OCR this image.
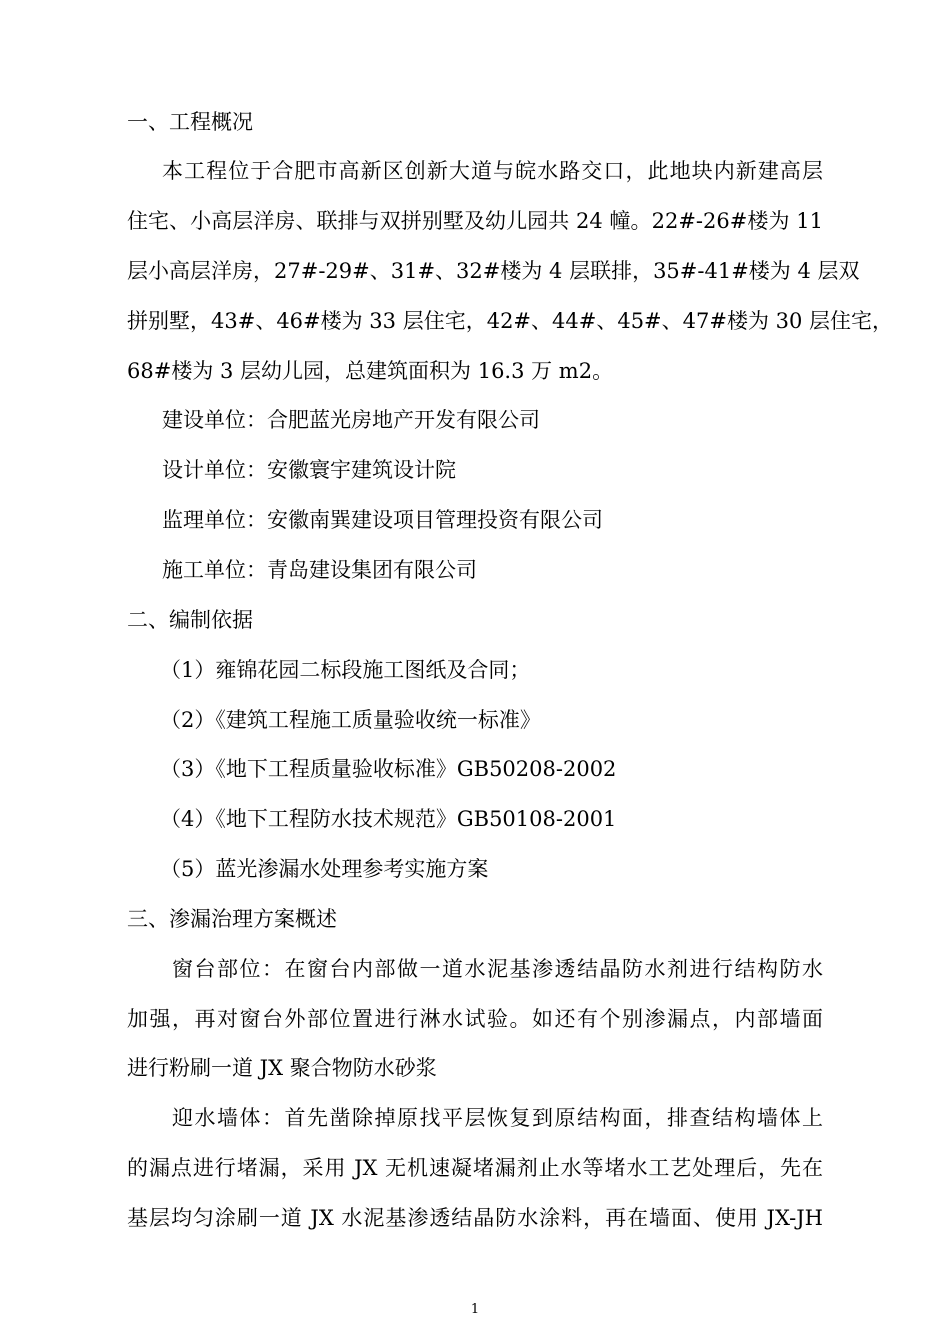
一、工程概况

本工程位于合肥市高新区创新大道与皖水路交口，此地块内新建高层

住宅、小高层洋房、联排与双拼别墅及幼儿园共 24 幢。22#-26#楼为 11

层小高层洋房，27#-29#、31#、32#楼为 4 层联排，35#-41#楼为 4 层双

拼别墅，43#、46#楼为 33 层住宅，42#、44#、45#、47#楼为 30 层住宅，

68#楼为 3 层幼儿园，总建筑面积为 16.3 万 m2。

建设单位：合肥蓝光房地产开发有限公司

设计单位：安徽寰宇建筑设计院

监理单位：安徽南巽建设项目管理投资有限公司

施工单位：青岛建设集团有限公司

二、编制依据

（1）雍锦花园二标段施工图纸及合同；

（2）《建筑工程施工质量验收统一标准》

（3）《地下工程质量验收标准》GB50208-2002

（4）《地下工程防水技术规范》GB50108-2001

（5）蓝光渗漏水处理参考实施方案

三、渗漏治理方案概述

窗台部位：在窗台内部做一道水泥基渗透结晶防水剂进行结构防水

加强，再对窗台外部位置进行淋水试验。如还有个别渗漏点，内部墙面

进行粉刷一道 JX 聚合物防水砂浆

迎水墙体：首先凿除掉原找平层恢复到原结构面，排查结构墙体上

的漏点进行堵漏，采用 JX 无机速凝堵漏剂止水等堵水工艺处理后，先在

基层均匀涂刷一道 JX 水泥基渗透结晶防水涂料，再在墙面、使用 JX-JH

1
